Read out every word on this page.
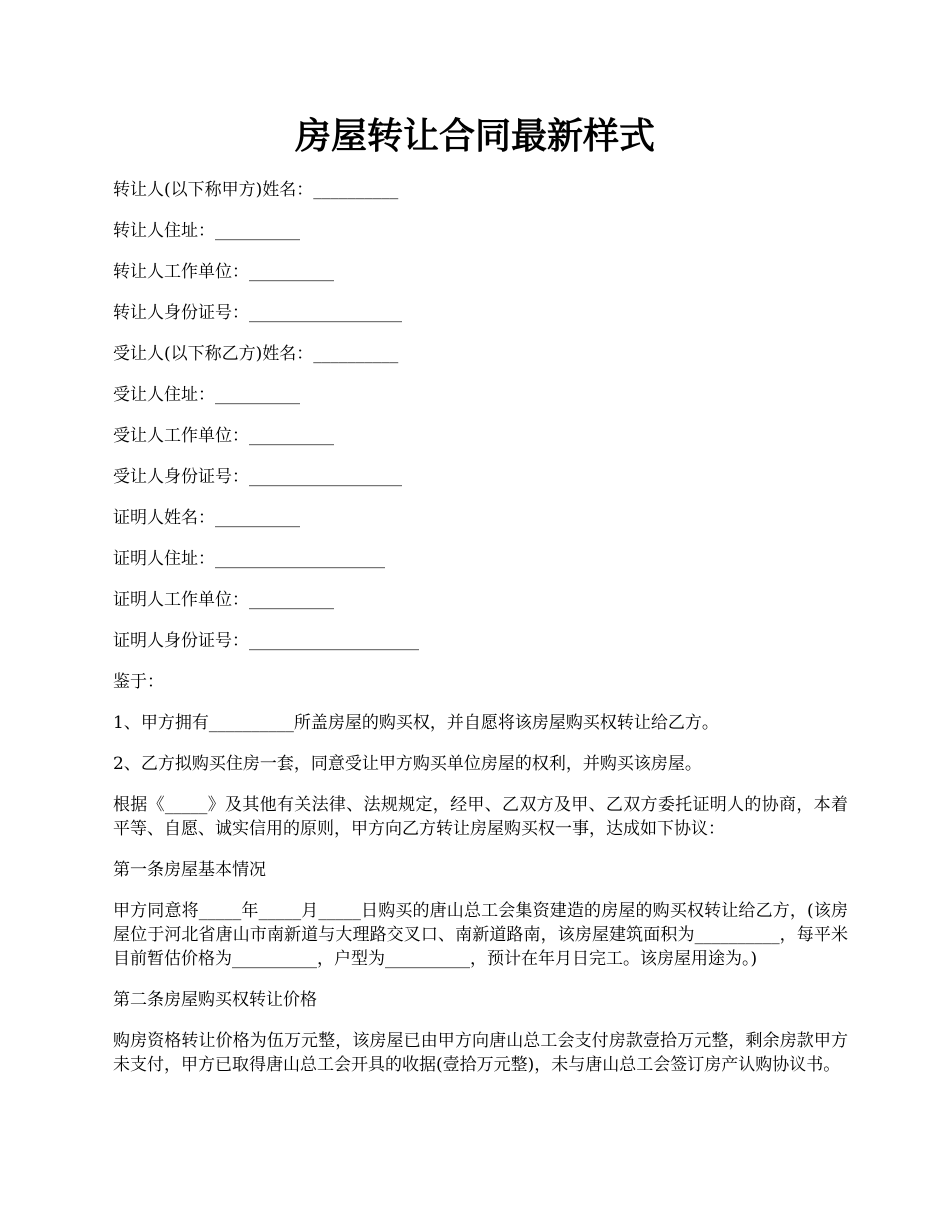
房屋转让合同最新样式

转让人(以下称甲方)姓名：__________

转让人住址：__________

转让人工作单位：__________

转让人身份证号：__________________

受让人(以下称乙方)姓名：__________

受让人住址：__________

受让人工作单位：__________

受让人身份证号：__________________

证明人姓名：__________

证明人住址：____________________

证明人工作单位：__________

证明人身份证号：____________________

鉴于：

1、甲方拥有__________所盖房屋的购买权，并自愿将该房屋购买权转让给乙方。

2、乙方拟购买住房一套，同意受让甲方购买单位房屋的权利，并购买该房屋。

根据《_____》及其他有关法律、法规规定，经甲、乙双方及甲、乙双方委托证明人的协商，本着平等、自愿、诚实信用的原则，甲方向乙方转让房屋购买权一事，达成如下协议：

第一条房屋基本情况

甲方同意将_____年_____月_____日购买的唐山总工会集资建造的房屋的购买权转让给乙方，(该房屋位于河北省唐山市南新道与大理路交叉口、南新道路南，该房屋建筑面积为__________，每平米目前暂估价格为__________，户型为__________，预计在年月日完工。该房屋用途为。)

第二条房屋购买权转让价格

购房资格转让价格为伍万元整，该房屋已由甲方向唐山总工会支付房款壹拾万元整，剩余房款甲方未支付，甲方已取得唐山总工会开具的收据(壹拾万元整)，未与唐山总工会签订房产认购协议书。
